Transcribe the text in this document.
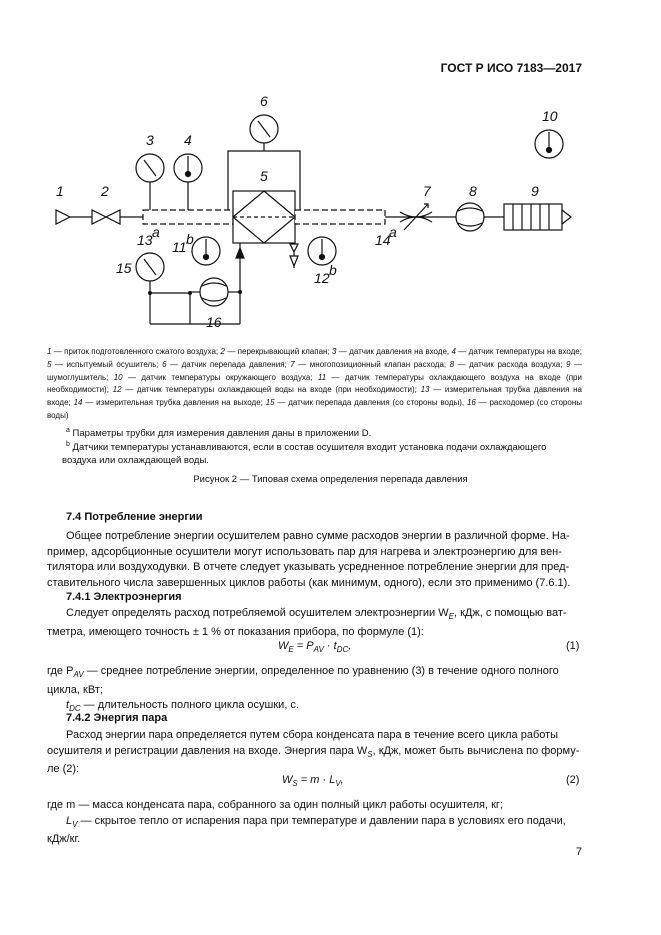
ГОСТ Р ИСО 7183—2017
1	2
3 4
5
6
7	8	9
10
11 b
12 b
13 a	14
a
15
16
1 — приток подготовленного сжатого воздуха; 2 — перекрывающий клапан; 3 — датчик давления на входе, 4 — датчик температуры на входе; 5 — испытуемый осушитель; 6 — датчик перепада давления; 7 — многопозиционный клапан расхода; 8 — датчик расхода воздуха; 9 — шумоглушитель; 10 — датчик температуры окружающего воздуха; 11 — датчик температуры охлаждающего воздуха на входе (при необходимости); 12 — датчик температуры охлаждающей воды на входе (при необходимости); 13 — измерительная трубка давления на входе; 14 — измерительная трубка давления на выходе; 15 — датчик перепада давления (со стороны воды), 16 — расходомер (со стороны воды)
$^a$ Параметры трубки для измерения давления даны в приложении D.
$^b$ Датчики температуры устанавливаются, если в состав осушителя входит установка подачи охлаждающего
воздуха или охлаждающей воды.
Рисунок 2 — Типовая схема определения перепада давления
7.4 Потребление энергии
Общее потребление энергии осушителем равно сумме расходов энергии в различной форме. На-
пример, адсорбционные осушители могут использовать пар для нагрева и электроэнергию для вен-
тилятора или воздуходувки. В отчете следует указывать усредненное потребление энергии для пред-
ставительного числа завершенных циклов работы (как минимум, одного), если это применимо (7.6.1).
7.4.1 Электроэнергия
Следует определять расход потребляемой осушителем электроэнергии $W_E$, кДж, с помощью ват-
тметра, имеющего точность ± 1 % от показания прибора, по формуле (1):
$W_E = P_{AV} \cdot t_{DC}$,	(1)
где $P_{AV}$ — среднее потребление энергии, определенное по уравнению (3) в течение одного полного
цикла, кВт;
$t_{DC}$ — длительность полного цикла осушки, с.
7.4.2 Энергия пара
Расход энергии пара определяется путем сбора конденсата пара в течение всего цикла работы
осушителя и регистрации давления на входе. Энергия пара $W_S$, кДж, может быть вычислена по форму-
ле (2):
$W_S = m \cdot L_V$,	(2)
где m — масса конденсата пара, собранного за один полный цикл работы осушителя, кг;
$L_V$ — скрытое тепло от испарения пара при температуре и давлении пара в условиях его подачи,
кДж/кг.
7
